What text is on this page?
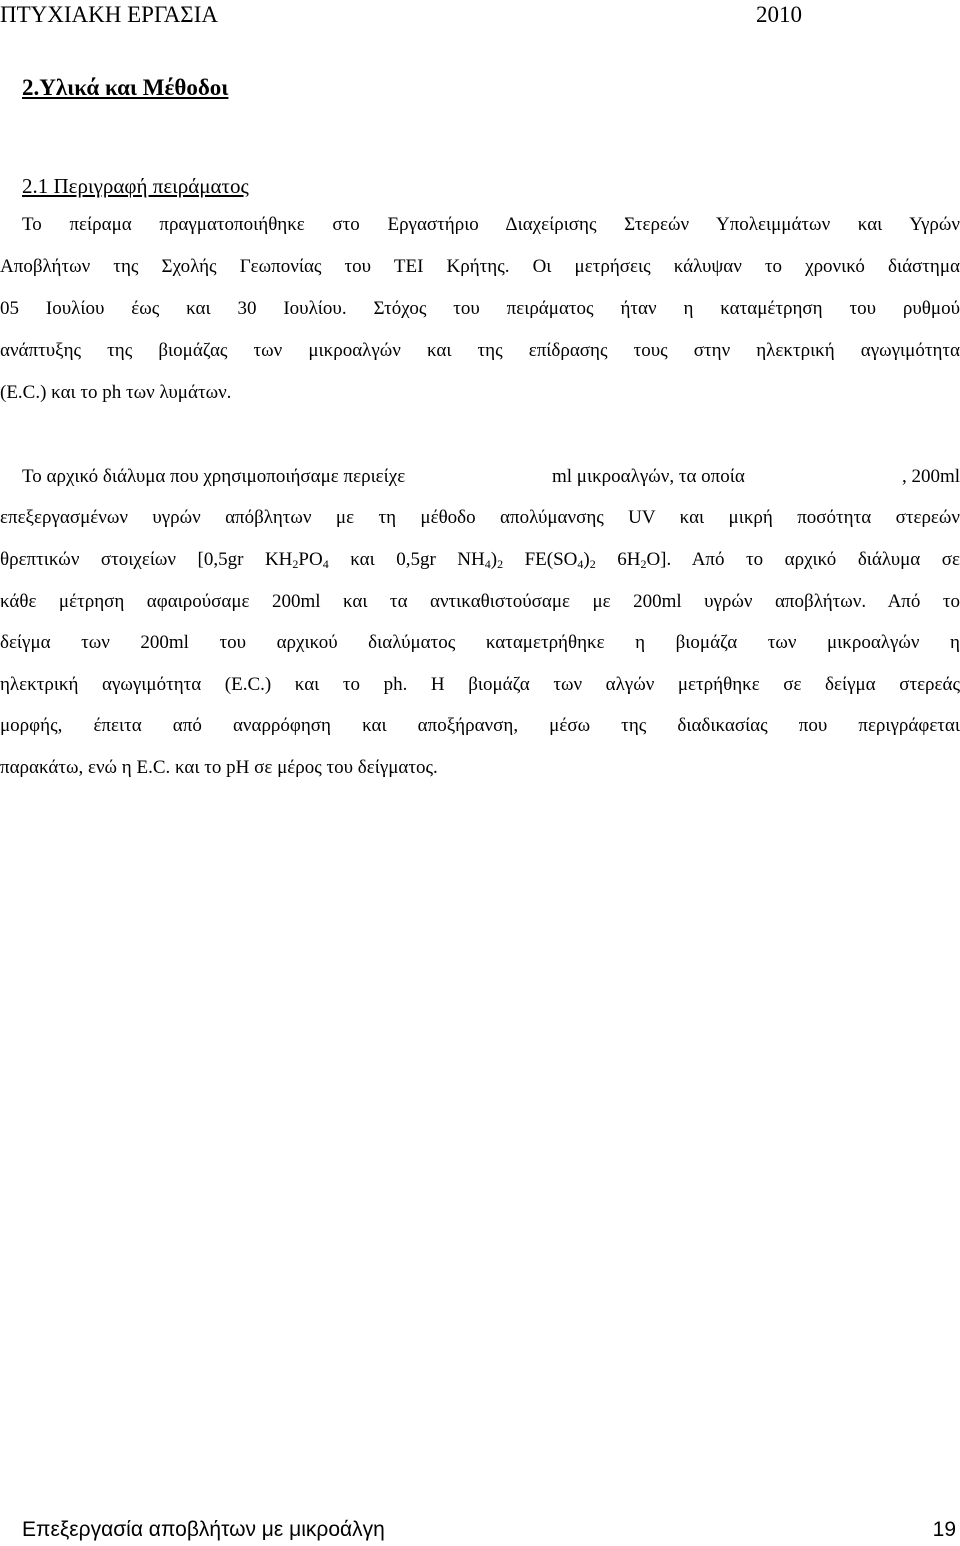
ΠΤΥΧΙΑΚΗ ΕΡΓΑΣΙΑ	2010
2.Υλικά και Μέθοδοι
2.1 Περιγραφή πειράματος
Το πείραμα πραγματοποιήθηκε στο Εργαστήριο Διαχείρισης Στερεών Υπολειμμάτων και Υγρών
Αποβλήτων της Σχολής Γεωπονίας του ΤΕΙ Κρήτης. Οι μετρήσεις κάλυψαν το χρονικό διάστημα
05 Ιουλίου έως και 30 Ιουλίου. Στόχος του πειράματος ήταν η καταμέτρηση του ρυθμού
ανάπτυξης της βιομάζας των μικροαλγών και της επίδρασης τους στην ηλεκτρική αγωγιμότητα
(E.C.) και το ph των λυμάτων.
Το αρχικό διάλυμα που χρησιμοποιήσαμε περιείχε	ml μικροαλγών, τα οποία	, 200ml
επεξεργασμένων υγρών απόβλητων με τη μέθοδο απολύμανσης UV και μικρή ποσότητα στερεών
θρεπτικών στοιχείων [0,5gr $KH_2PO_4$ και 0,5gr $NH_4)_2$ $FE(SO_4)_2$ $6H_2O$]. Από το αρχικό διάλυμα σε
κάθε μέτρηση αφαιρούσαμε 200ml και τα αντικαθιστούσαμε με 200ml υγρών αποβλήτων. Από το
δείγμα των 200ml του αρχικού διαλύματος καταμετρήθηκε η βιομάζα των μικροαλγών η
ηλεκτρική αγωγιμότητα (E.C.) και το ph. Η βιομάζα των αλγών μετρήθηκε σε δείγμα στερεάς
μορφής, έπειτα από αναρρόφηση και αποξήρανση, μέσω της διαδικασίας που περιγράφεται
παρακάτω, ενώ η E.C. και το pH σε μέρος του δείγματος.
Επεξεργασία αποβλήτων με μικροάλγη	19
